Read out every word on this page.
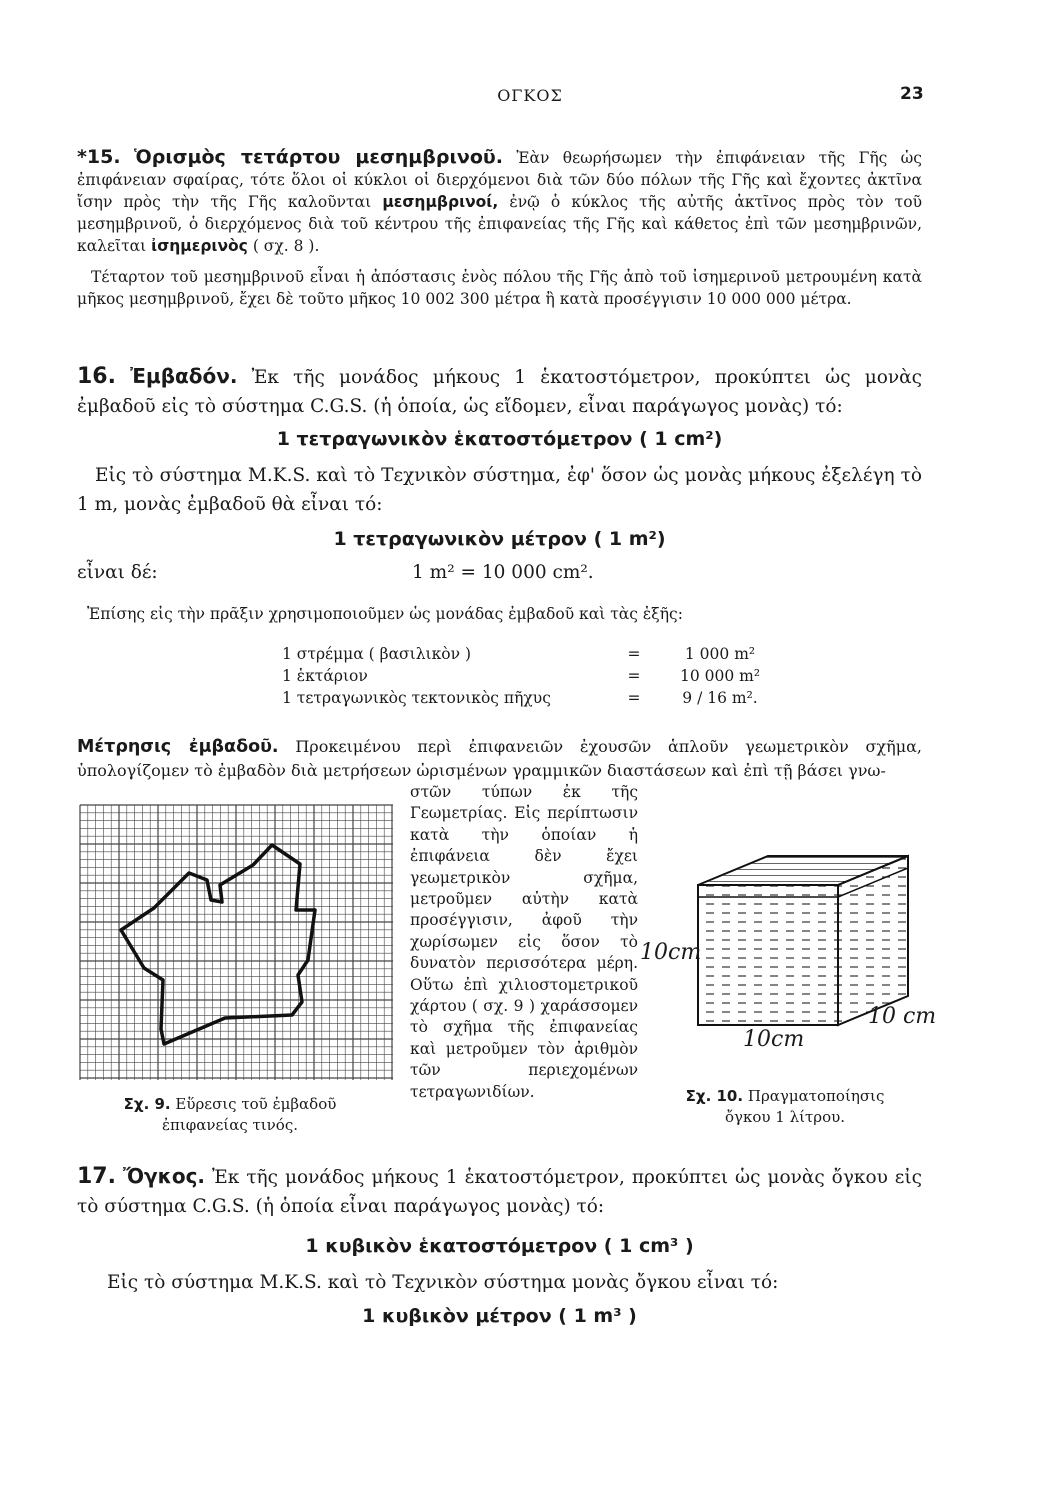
ΟΓΚΟΣ	23

*15. Ὁρισμὸς τετάρτου μεσημβρινοῦ. Ἐὰν θεωρήσωμεν τὴν ἐπιφάνειαν τῆς Γῆς ὡς ἐπιφάνειαν σφαίρας, τότε ὅλοι οἱ κύκλοι οἱ διερχόμενοι διὰ τῶν δύο πόλων τῆς Γῆς καὶ ἔχοντες ἀκτῖνα ἴσην πρὸς τὴν τῆς Γῆς καλοῦνται μεσημβρινοί, ἐνῷ ὁ κύκλος τῆς αὐτῆς ἀκτῖνος πρὸς τὸν τοῦ μεσημβρινοῦ, ὁ διερχόμενος διὰ τοῦ κέντρου τῆς ἐπιφανείας τῆς Γῆς καὶ κάθετος ἐπὶ τῶν μεσημβρινῶν, καλεῖται ἰσημερινὸς ( σχ. 8 ).

Τέταρτον τοῦ μεσημβρινοῦ εἶναι ἡ ἀπόστασις ἑνὸς πόλου τῆς Γῆς ἀπὸ τοῦ ἰσημερινοῦ μετρουμένη κατὰ μῆκος μεσημβρινοῦ, ἔχει δὲ τοῦτο μῆκος 10 002 300 μέτρα ἢ κατὰ προσέγγισιν 10 000 000 μέτρα.

16. Ἐμβαδόν. Ἐκ τῆς μονάδος μήκους 1 ἑκατοστόμετρον, προκύπτει ὡς μονὰς ἐμβαδοῦ εἰς τὸ σύστημα C.G.S. (ἡ ὁποία, ὡς εἴδομεν, εἶναι παράγωγος μονὰς) τό:

1 τετραγωνικὸν ἑκατοστόμετρον ( 1 cm²)

Εἰς τὸ σύστημα M.K.S. καὶ τὸ Τεχνικὸν σύστημα, ἐφ' ὅσον ὡς μονὰς μήκους ἐξελέγη τὸ 1 m, μονὰς ἐμβαδοῦ θὰ εἶναι τό:

1 τετραγωνικὸν μέτρον ( 1 m²)
εἶναι δέ:	1 m² = 10 000 cm².

Ἐπίσης εἰς τὴν πρᾶξιν χρησιμοποιοῦμεν ὡς μονάδας ἐμβαδοῦ καὶ τὰς ἑξῆς:

1 στρέμμα ( βασιλικὸν )	=	1 000 m²
1 ἑκτάριον	=	10 000 m²
1 τετραγωνικὸς τεκτονικὸς πῆχυς	=	9 / 16 m².

Μέτρησις ἐμβαδοῦ. Προκειμένου περὶ ἐπιφανειῶν ἐχουσῶν ἁπλοῦν γεωμετρικὸν σχῆμα, ὑπολογίζομεν τὸ ἐμβαδὸν διὰ μετρήσεων ὡρισμένων γραμμικῶν διαστάσεων καὶ ἐπὶ τῇ βάσει γνω-

στῶν τύπων ἐκ τῆς Γεωμετρίας. Εἰς περίπτωσιν κατὰ τὴν ὁποίαν ἡ ἐπιφάνεια δὲν ἔχει γεωμετρικὸν σχῆμα, μετροῦμεν αὐτὴν κατὰ προσέγγισιν, ἀφοῦ τὴν χωρίσωμεν εἰς ὅσον τὸ δυνατὸν περισσότερα μέρη. Οὕτω ἐπὶ χιλιοστομετρικοῦ χάρτου ( σχ. 9 ) χαράσσομεν τὸ σχῆμα τῆς ἐπιφανείας καὶ μετροῦμεν τὸν ἀριθμὸν τῶν περιεχομένων τετραγωνιδίων.

Σχ. 9. Εὕρεσις τοῦ ἐμβαδοῦ
ἐπιφανείας τινός.
10cm
10 cm
10cm
Σχ. 10. Πραγματοποίησις
ὄγκου 1 λίτρου.

17. Ὄγκος. Ἐκ τῆς μονάδος μήκους 1 ἑκατοστόμετρον, προκύπτει ὡς μονὰς ὄγκου εἰς τὸ σύστημα C.G.S. (ἡ ὁποία εἶναι παράγωγος μονὰς) τό:

1 κυβικὸν ἑκατοστόμετρον ( 1 cm³ )

Εἰς τὸ σύστημα M.K.S. καὶ τὸ Τεχνικὸν σύστημα μονὰς ὄγκου εἶναι τό:

1 κυβικὸν μέτρον ( 1 m³ )
